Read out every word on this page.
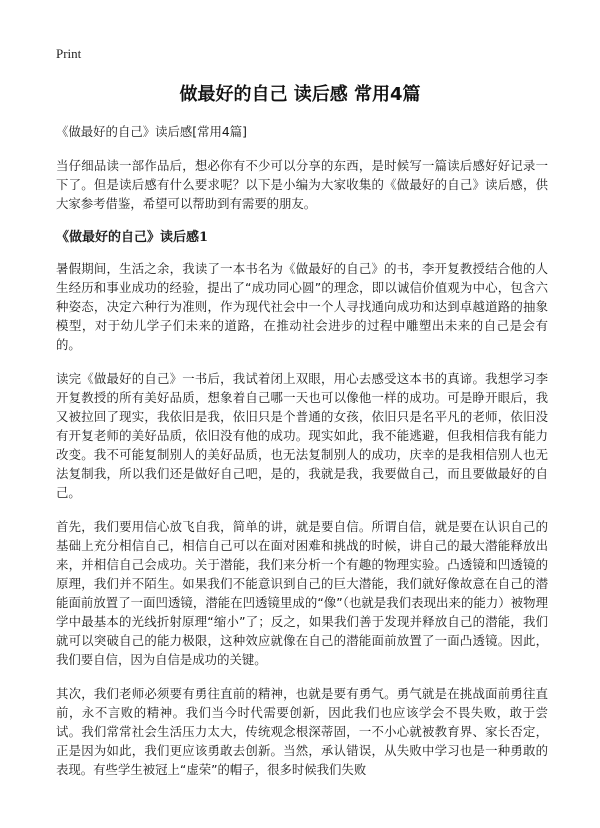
Print
做最好的自己 读后感 常用4篇

《做最好的自己》读后感[常用4篇]

当仔细品读一部作品后，想必你有不少可以分享的东西，是时候写一篇读后感好好记录一下了。但是读后感有什么要求呢？以下是小编为大家收集的《做最好的自己》读后感，供大家参考借鉴，希望可以帮助到有需要的朋友。

《做最好的自己》读后感1

暑假期间，生活之余，我读了一本书名为《做最好的自己》的书，李开复教授结合他的人生经历和事业成功的经验，提出了“成功同心圆”的理念，即以诚信价值观为中心，包含六种姿态，决定六种行为准则，作为现代社会中一个人寻找通向成功和达到卓越道路的抽象模型，对于幼儿学子们未来的道路，在推动社会进步的过程中雕塑出未来的自己是会有的。

读完《做最好的自己》一书后，我试着闭上双眼，用心去感受这本书的真谛。我想学习李开复教授的所有美好品质，想象着自己哪一天也可以像他一样的成功。可是睁开眼后，我又被拉回了现实，我依旧是我，依旧只是个普通的女孩，依旧只是名平凡的老师，依旧没有开复老师的美好品质，依旧没有他的成功。现实如此，我不能逃避，但我相信我有能力改变。我不可能复制别人的美好品质，也无法复制别人的成功，庆幸的是我相信别人也无法复制我，所以我们还是做好自己吧，是的，我就是我，我要做自己，而且要做最好的自己。

首先，我们要用信心放飞自我，简单的讲，就是要自信。所谓自信，就是要在认识自己的基础上充分相信自己，相信自己可以在面对困难和挑战的时候，讲自己的最大潜能释放出来，并相信自己会成功。关于潜能，我们来分析一个有趣的物理实验。凸透镜和凹透镜的原理，我们并不陌生。如果我们不能意识到自己的巨大潜能，我们就好像故意在自己的潜能面前放置了一面凹透镜，潜能在凹透镜里成的“像”（也就是我们表现出来的能力）被物理学中最基本的光线折射原理“缩小”了；反之，如果我们善于发现并释放自己的潜能，我们就可以突破自己的能力极限，这种效应就像在自己的潜能面前放置了一面凸透镜。因此，我们要自信，因为自信是成功的关键。

其次，我们老师必须要有勇往直前的精神，也就是要有勇气。勇气就是在挑战面前勇往直前，永不言败的精神。我们当今时代需要创新，因此我们也应该学会不畏失败，敢于尝试。我们常常社会生活压力太大，传统观念根深蒂固，一不小心就被教育界、家长否定，正是因为如此，我们更应该勇敢去创新。当然，承认错误，从失败中学习也是一种勇敢的表现。有些学生被冠上“虚荣”的帽子，很多时候我们失败
